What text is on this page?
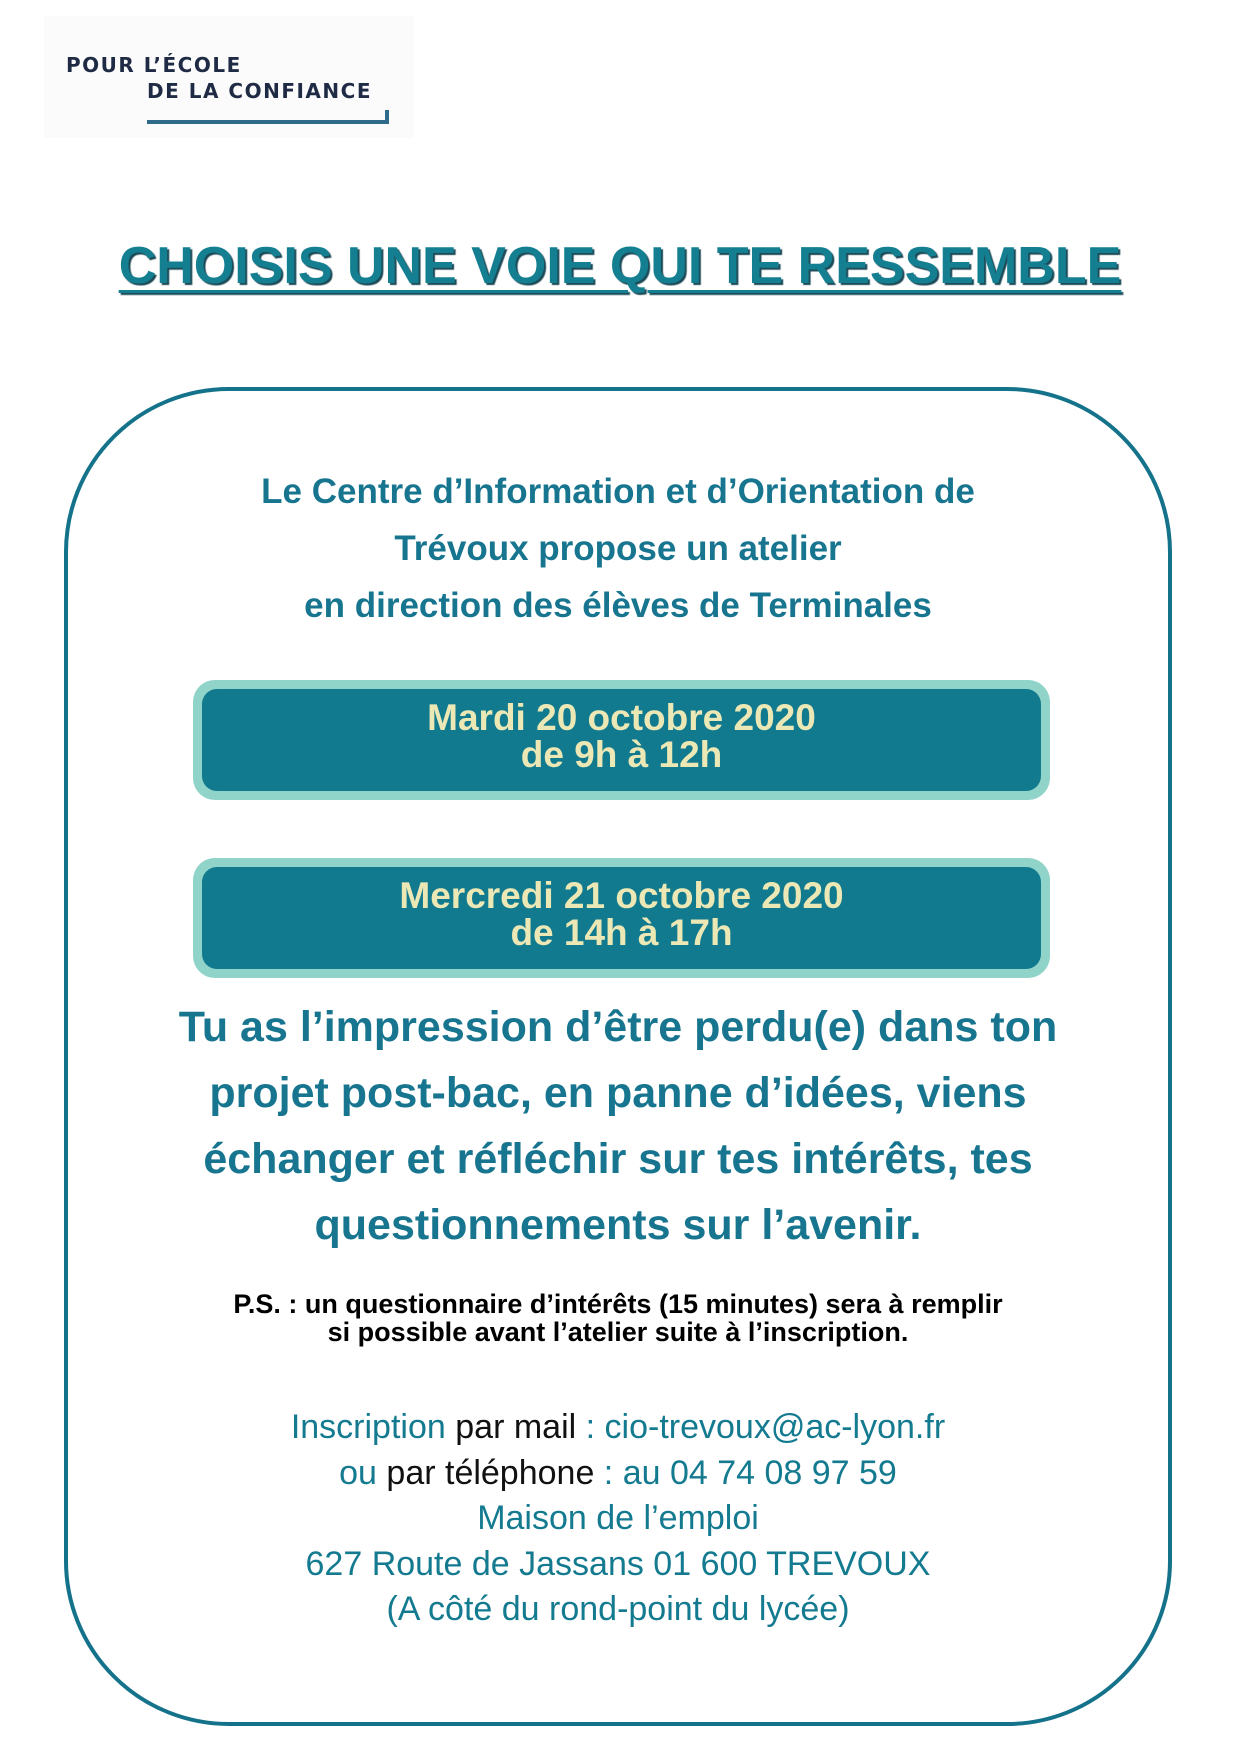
POUR L’ÉCOLE
DE LA CONFIANCE
CHOISIS UNE VOIE QUI TE RESSEMBLE
Le Centre d’Information et d’Orientation de
Trévoux propose un atelier
en direction des élèves de Terminales
Mardi 20 octobre 2020
de 9h à 12h
Mercredi 21 octobre 2020
de 14h à 17h
Tu as l’impression d’être perdu(e) dans ton
projet post-bac, en panne d’idées, viens
échanger et réfléchir sur tes intérêts, tes
questionnements sur l’avenir.
P.S. : un questionnaire d’intérêts (15 minutes) sera à remplir
si possible avant l’atelier suite à l’inscription.
Inscription par mail : cio-trevoux@ac-lyon.fr
ou par téléphone : au 04 74 08 97 59
Maison de l’emploi
627 Route de Jassans 01 600 TREVOUX
(A côté du rond-point du lycée)
